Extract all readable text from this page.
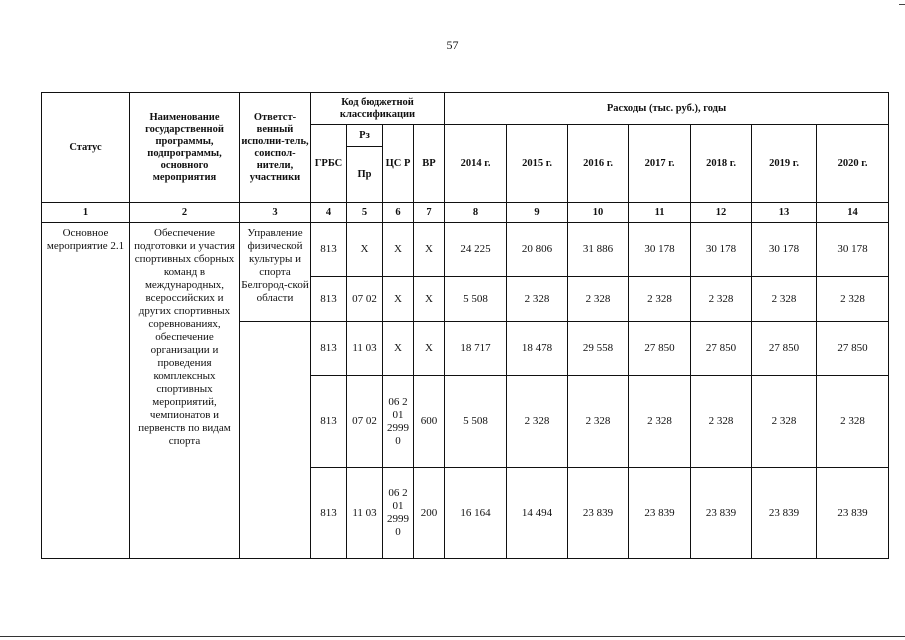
57
Статус	Наименование государственной программы, подпрограммы, основного мероприятия	Ответст-венный исполни-тель, соиспол-нители, участники	Код бюджетной классификации				Расходы (тыс. руб.), годы						
			ГРБС	Рз	ЦС Р	ВР	2014 г.	2015 г.	2016 г.	2017 г.	2018 г.	2019 г.	2020 г.
				Пр									
1	2	3	4	5	6	7	8	9	10	11	12	13	14
Основное мероприятие 2.1	Обеспечение подготовки и участия спортивных сборных команд в международных, всероссийских и других спортивных соревнованиях, обеспечение организации и проведения комплексных спортивных мероприятий, чемпионатов и первенств по видам спорта	Управление физической культуры и спорта Белгород-ской области	813	Х	Х	Х	24 225	20 806	31 886	30 178	30 178	30 178	30 178
			813	07 02	Х	Х	5 508	2 328	2 328	2 328	2 328	2 328	2 328
			813	11 03	Х	Х	18 717	18 478	29 558	27 850	27 850	27 850	27 850
			813	07 02	06 2 01 2999 0	600	5 508	2 328	2 328	2 328	2 328	2 328	2 328
			813	11 03	06 2 01 2999 0	200	16 164	14 494	23 839	23 839	23 839	23 839	23 839
